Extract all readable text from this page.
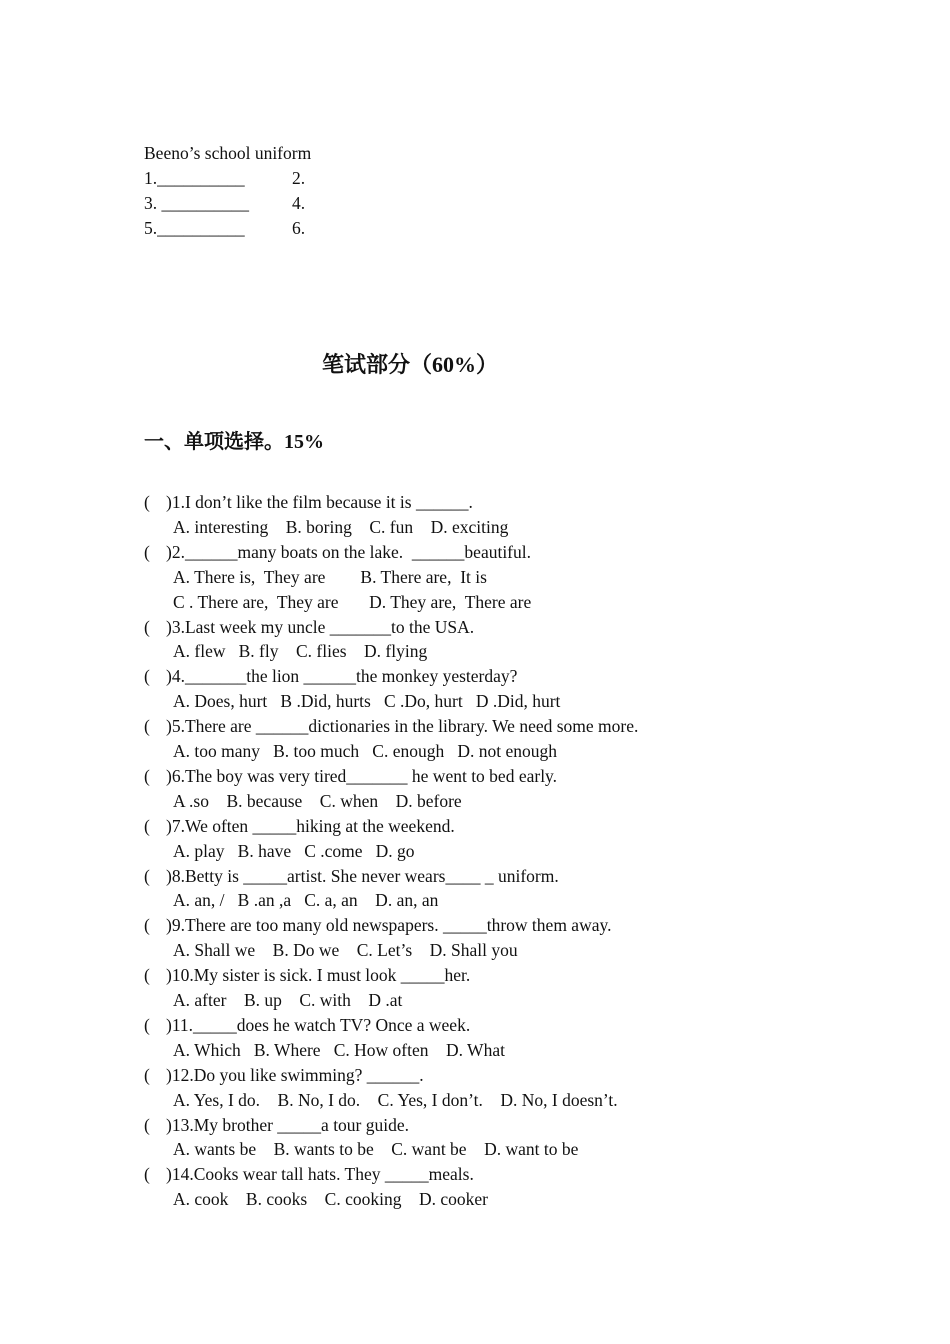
Beeno’s school uniform
1.__________	2.
3. __________ 4.
5.__________	6.
笔试部分（60%）
一、单项选择。15%
( )1.I don’t like the film because it is ______.
A. interesting    B. boring    C. fun    D. exciting
( )2.______many boats on the lake.  ______beautiful.
A. There is,  They are        B. There are,  It is
C . There are,  They are       D. They are,  There are
( )3.Last week my uncle _______to the USA.
A. flew   B. fly    C. flies    D. flying
( )4._______the lion ______the monkey yesterday?
A. Does, hurt   B .Did, hurts   C .Do, hurt   D .Did, hurt
( )5.There are ______dictionaries in the library. We need some more.
A. too many   B. too much   C. enough   D. not enough
( )6.The boy was very tired_______ he went to bed early.
A .so    B. because    C. when    D. before
( )7.We often _____hiking at the weekend.
A. play   B. have   C .come   D. go
( )8.Betty is _____artist. She never wears____ _ uniform.
A. an, /   B .an ,a   C. a, an    D. an, an
( )9.There are too many old newspapers. _____throw them away.
A. Shall we    B. Do we    C. Let’s    D. Shall you
( )10.My sister is sick. I must look _____her.
A. after    B. up    C. with    D .at
( )11._____does he watch TV? Once a week.
A. Which   B. Where   C. How often    D. What
( )12.Do you like swimming? ______.
A. Yes, I do.    B. No, I do.    C. Yes, I don’t.    D. No, I doesn’t.
( )13.My brother _____a tour guide.
A. wants be    B. wants to be    C. want be    D. want to be
( )14.Cooks wear tall hats. They _____meals.
A. cook    B. cooks    C. cooking    D. cooker
